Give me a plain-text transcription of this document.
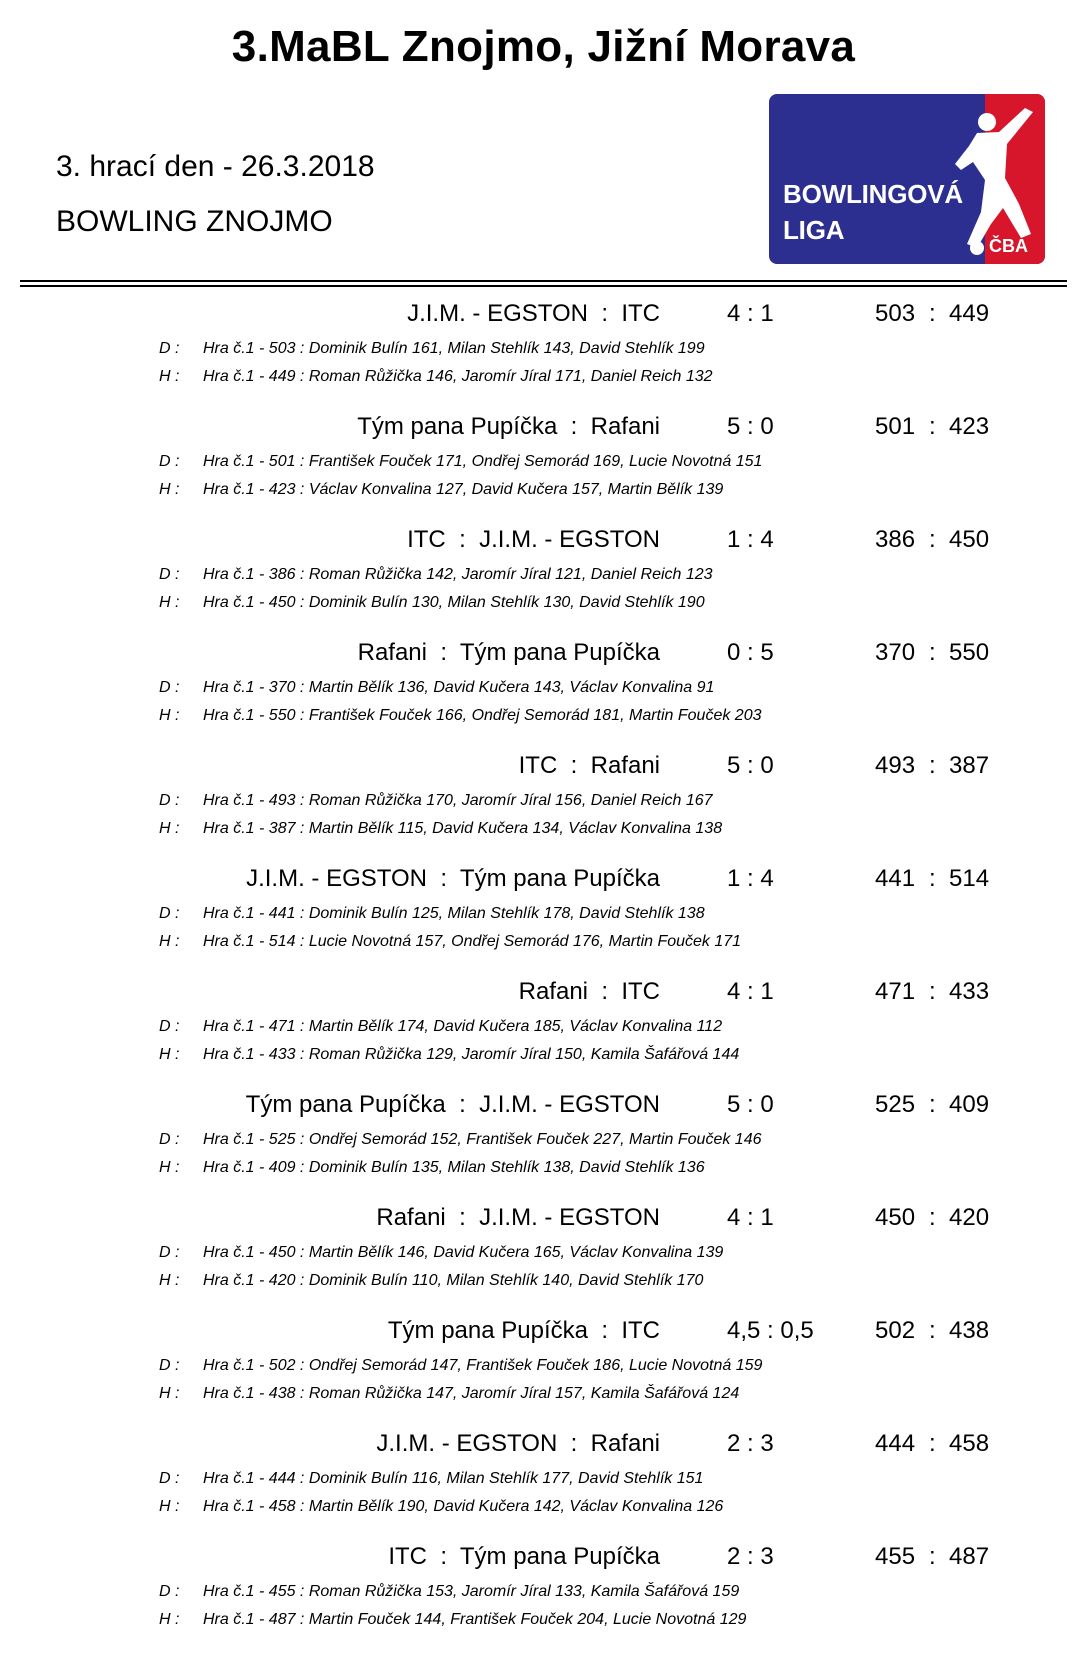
3.MaBL Znojmo, Jižní Morava
3. hrací den - 26.3.2018
BOWLING ZNOJMO
BOWLINGOVÁ
LIGA
ČBA
J.I.M. - EGSTON  :  ITC	4 : 1	503 : 449
D : Hra č.1 - 503 : Dominik Bulín 161, Milan Stehlík 143, David Stehlík 199
H : Hra č.1 - 449 : Roman Růžička 146, Jaromír Jíral 171, Daniel Reich 132
Tým pana Pupíčka  :  Rafani	5 : 0	501 : 423
D : Hra č.1 - 501 : František Fouček 171, Ondřej Semorád 169, Lucie Novotná 151
H : Hra č.1 - 423 : Václav Konvalina 127, David Kučera 157, Martin Bělík 139
ITC  :  J.I.M. - EGSTON	1 : 4	386 : 450
D : Hra č.1 - 386 : Roman Růžička 142, Jaromír Jíral 121, Daniel Reich 123
H : Hra č.1 - 450 : Dominik Bulín 130, Milan Stehlík 130, David Stehlík 190
Rafani  :  Tým pana Pupíčka	0 : 5	370 : 550
D : Hra č.1 - 370 : Martin Bělík 136, David Kučera 143, Václav Konvalina 91
H : Hra č.1 - 550 : František Fouček 166, Ondřej Semorád 181, Martin Fouček 203
ITC  :  Rafani	5 : 0	493 : 387
D : Hra č.1 - 493 : Roman Růžička 170, Jaromír Jíral 156, Daniel Reich 167
H : Hra č.1 - 387 : Martin Bělík 115, David Kučera 134, Václav Konvalina 138
J.I.M. - EGSTON  :  Tým pana Pupíčka	1 : 4	441 : 514
D : Hra č.1 - 441 : Dominik Bulín 125, Milan Stehlík 178, David Stehlík 138
H : Hra č.1 - 514 : Lucie Novotná 157, Ondřej Semorád 176, Martin Fouček 171
Rafani  :  ITC	4 : 1	471 : 433
D : Hra č.1 - 471 : Martin Bělík 174, David Kučera 185, Václav Konvalina 112
H : Hra č.1 - 433 : Roman Růžička 129, Jaromír Jíral 150, Kamila Šafářová 144
Tým pana Pupíčka  :  J.I.M. - EGSTON	5 : 0	525 : 409
D : Hra č.1 - 525 : Ondřej Semorád 152, František Fouček 227, Martin Fouček 146
H : Hra č.1 - 409 : Dominik Bulín 135, Milan Stehlík 138, David Stehlík 136
Rafani  :  J.I.M. - EGSTON	4 : 1	450 : 420
D : Hra č.1 - 450 : Martin Bělík 146, David Kučera 165, Václav Konvalina 139
H : Hra č.1 - 420 : Dominik Bulín 110, Milan Stehlík 140, David Stehlík 170
Tým pana Pupíčka  :  ITC	4,5 : 0,5	502 : 438
D : Hra č.1 - 502 : Ondřej Semorád 147, František Fouček 186, Lucie Novotná 159
H : Hra č.1 - 438 : Roman Růžička 147, Jaromír Jíral 157, Kamila Šafářová 124
J.I.M. - EGSTON  :  Rafani	2 : 3	444 : 458
D : Hra č.1 - 444 : Dominik Bulín 116, Milan Stehlík 177, David Stehlík 151
H : Hra č.1 - 458 : Martin Bělík 190, David Kučera 142, Václav Konvalina 126
ITC  :  Tým pana Pupíčka	2 : 3	455 : 487
D : Hra č.1 - 455 : Roman Růžička 153, Jaromír Jíral 133, Kamila Šafářová 159
H : Hra č.1 - 487 : Martin Fouček 144, František Fouček 204, Lucie Novotná 129
